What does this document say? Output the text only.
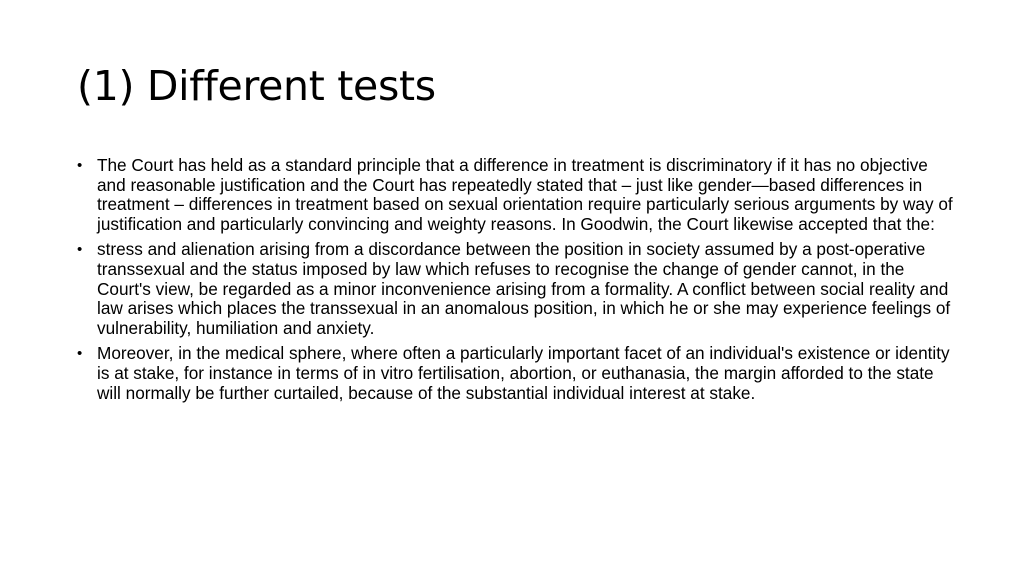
(1) Different tests
• The Court has held as a standard principle that a difference in treatment is discriminatory if it has no objective and reasonable justification and the Court has repeatedly stated that – just like gender—based differences in treatment – differences in treatment based on sexual orientation require particularly serious arguments by way of justification and particularly convincing and weighty reasons. In Goodwin, the Court likewise accepted that the:
• stress and alienation arising from a discordance between the position in society assumed by a post-operative transsexual and the status imposed by law which refuses to recognise the change of gender cannot, in the Court's view, be regarded as a minor inconvenience arising from a formality. A conflict between social reality and law arises which places the transsexual in an anomalous position, in which he or she may experience feelings of vulnerability, humiliation and anxiety.
• Moreover, in the medical sphere, where often a particularly important facet of an individual's existence or identity is at stake, for instance in terms of in vitro fertilisation, abortion, or euthanasia, the margin afforded to the state will normally be further curtailed, because of the substantial individual interest at stake.
